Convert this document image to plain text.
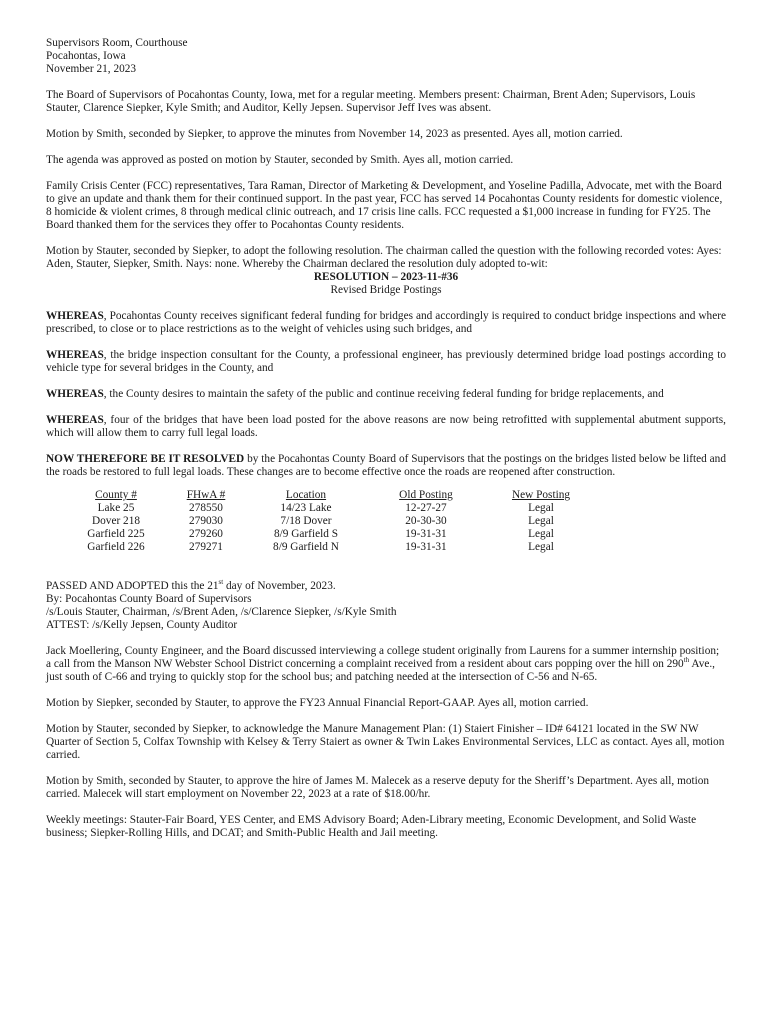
Supervisors Room, Courthouse
Pocahontas, Iowa
November 21, 2023

The Board of Supervisors of Pocahontas County, Iowa, met for a regular meeting. Members present: Chairman, Brent Aden; Supervisors, Louis Stauter, Clarence Siepker, Kyle Smith; and Auditor, Kelly Jepsen. Supervisor Jeff Ives was absent.

Motion by Smith, seconded by Siepker, to approve the minutes from November 14, 2023 as presented. Ayes all, motion carried.

The agenda was approved as posted on motion by Stauter, seconded by Smith. Ayes all, motion carried.

Family Crisis Center (FCC) representatives, Tara Raman, Director of Marketing & Development, and Yoseline Padilla, Advocate, met with the Board to give an update and thank them for their continued support. In the past year, FCC has served 14 Pocahontas County residents for domestic violence, 8 homicide & violent crimes, 8 through medical clinic outreach, and 17 crisis line calls. FCC requested a $1,000 increase in funding for FY25. The Board thanked them for the services they offer to Pocahontas County residents.

Motion by Stauter, seconded by Siepker, to adopt the following resolution. The chairman called the question with the following recorded votes: Ayes: Aden, Stauter, Siepker, Smith. Nays: none. Whereby the Chairman declared the resolution duly adopted to-wit:

RESOLUTION – 2023-11-#36

Revised Bridge Postings

WHEREAS, Pocahontas County receives significant federal funding for bridges and accordingly is required to conduct bridge inspections and where prescribed, to close or to place restrictions as to the weight of vehicles using such bridges, and

WHEREAS, the bridge inspection consultant for the County, a professional engineer, has previously determined bridge load postings according to vehicle type for several bridges in the County, and

WHEREAS, the County desires to maintain the safety of the public and continue receiving federal funding for bridge replacements, and

WHEREAS, four of the bridges that have been load posted for the above reasons are now being retrofitted with supplemental abutment supports, which will allow them to carry full legal loads.

NOW THEREFORE BE IT RESOLVED by the Pocahontas County Board of Supervisors that the postings on the bridges listed below be lifted and the roads be restored to full legal loads. These changes are to become effective once the roads are reopened after construction.

County #	FHwA #	Location	Old Posting	New Posting
Lake 25	278550	14/23 Lake	12-27-27	Legal
Dover 218	279030	7/18 Dover	20-30-30	Legal
Garfield 225	279260	8/9 Garfield S	19-31-31	Legal
Garfield 226	279271	8/9 Garfield N	19-31-31	Legal
PASSED AND ADOPTED this the 21st day of November, 2023.
By: Pocahontas County Board of Supervisors
/s/Louis Stauter, Chairman, /s/Brent Aden, /s/Clarence Siepker, /s/Kyle Smith
ATTEST: /s/Kelly Jepsen, County Auditor

Jack Moellering, County Engineer, and the Board discussed interviewing a college student originally from Laurens for a summer internship position; a call from the Manson NW Webster School District concerning a complaint received from a resident about cars popping over the hill on 290th Ave., just south of C-66 and trying to quickly stop for the school bus; and patching needed at the intersection of C-56 and N-65.

Motion by Siepker, seconded by Stauter, to approve the FY23 Annual Financial Report-GAAP. Ayes all, motion carried.

Motion by Stauter, seconded by Siepker, to acknowledge the Manure Management Plan: (1) Staiert Finisher – ID# 64121 located in the SW NW Quarter of Section 5, Colfax Township with Kelsey & Terry Staiert as owner & Twin Lakes Environmental Services, LLC as contact. Ayes all, motion carried.

Motion by Smith, seconded by Stauter, to approve the hire of James M. Malecek as a reserve deputy for the Sheriff’s Department. Ayes all, motion carried. Malecek will start employment on November 22, 2023 at a rate of $18.00/hr.

Weekly meetings: Stauter-Fair Board, YES Center, and EMS Advisory Board; Aden-Library meeting, Economic Development, and Solid Waste business; Siepker-Rolling Hills, and DCAT; and Smith-Public Health and Jail meeting.
